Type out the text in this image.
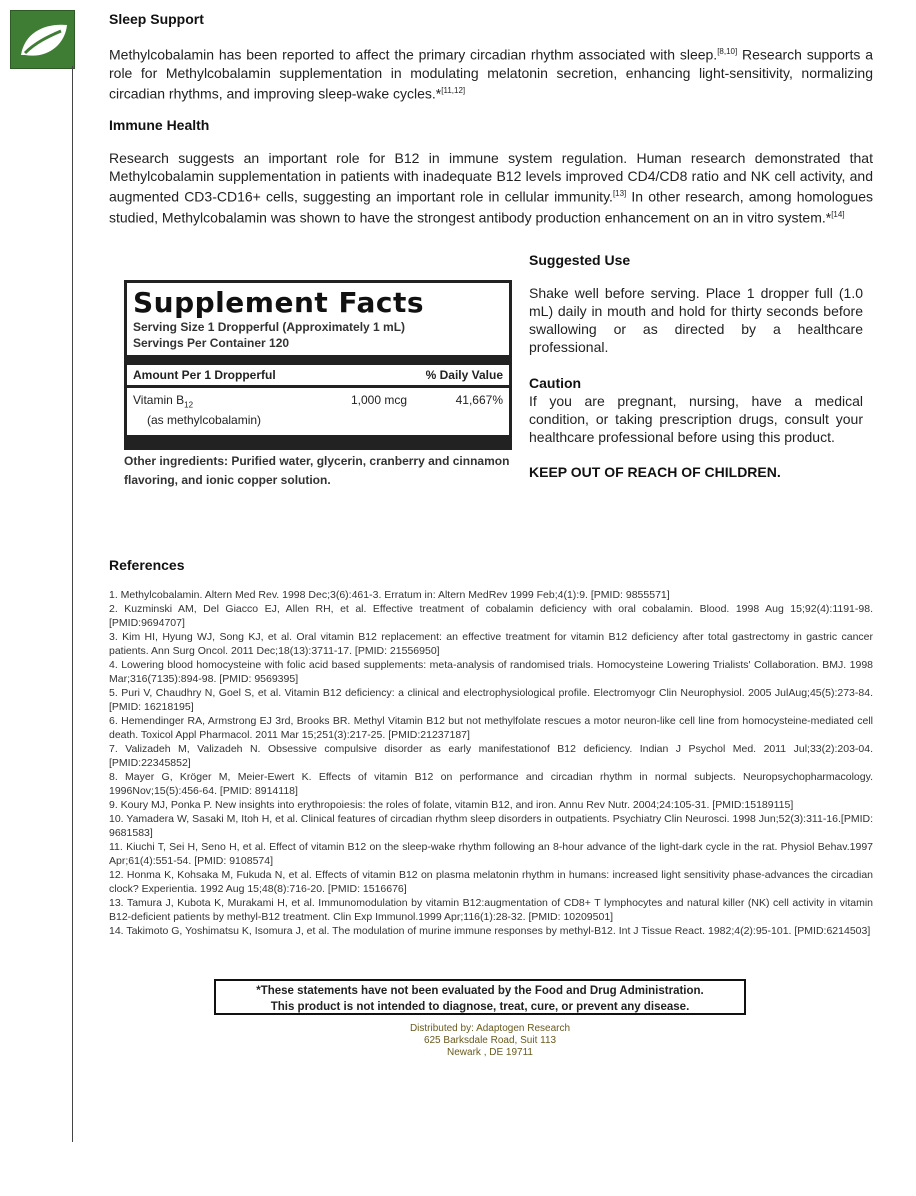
Sleep Support

Methylcobalamin has been reported to affect the primary circadian rhythm associated with sleep.[8,10] Research supports a role for Methylcobalamin supplementation in modulating melatonin secretion, enhancing light-sensitivity, normalizing circadian rhythms, and improving sleep-wake cycles.*[11,12]

Immune Health

Research suggests an important role for B12 in immune system regulation. Human research demonstrated that Methylcobalamin supplementation in patients with inadequate B12 levels improved CD4/CD8 ratio and NK cell activity, and augmented CD3-CD16+ cells, suggesting an important role in cellular immunity.[13] In other research, among homologues studied, Methylcobalamin was shown to have the strongest antibody production enhancement on an in vitro system.*[14]

Supplement Facts
Serving Size 1 Dropperful (Approximately 1 mL)
Servings Per Container 120
Amount Per 1 Dropperful	% Daily Value
Vitamin $B_{12}$	1,000 mcg	41,667%
(as methylcobalamin)
Other ingredients: Purified water, glycerin, cranberry and cinnamon flavoring, and ionic copper solution.
Suggested Use

Shake well before serving. Place 1 dropper full (1.0 mL) daily in mouth and hold for thirty seconds before swallowing or as directed by a healthcare professional.

Caution

If you are pregnant, nursing, have a medical condition, or taking prescription drugs, consult your healthcare professional before using this product.

KEEP OUT OF REACH OF CHILDREN.
References
1. Methylcobalamin. Altern Med Rev. 1998 Dec;3(6):461-3. Erratum in: Altern MedRev 1999 Feb;4(1):9. [PMID: 9855571]
2. Kuzminski AM, Del Giacco EJ, Allen RH, et al. Effective treatment of cobalamin deficiency with oral cobalamin. Blood. 1998 Aug 15;92(4):1191-98. [PMID:9694707]
3. Kim HI, Hyung WJ, Song KJ, et al. Oral vitamin B12 replacement: an effective treatment for vitamin B12 deficiency after total gastrectomy in gastric cancer patients. Ann Surg Oncol. 2011 Dec;18(13):3711-17. [PMID: 21556950]
4. Lowering blood homocysteine with folic acid based supplements: meta-analysis of randomised trials. Homocysteine Lowering Trialists' Collaboration. BMJ. 1998 Mar;316(7135):894-98. [PMID: 9569395]
5. Puri V, Chaudhry N, Goel S, et al. Vitamin B12 deficiency: a clinical and electrophysiological profile. Electromyogr Clin Neurophysiol. 2005 JulAug;45(5):273-84. [PMID: 16218195]
6. Hemendinger RA, Armstrong EJ 3rd, Brooks BR. Methyl Vitamin B12 but not methylfolate rescues a motor neuron-like cell line from homocysteine-mediated cell death. Toxicol Appl Pharmacol. 2011 Mar 15;251(3):217-25. [PMID:21237187]
7. Valizadeh M, Valizadeh N. Obsessive compulsive disorder as early manifestationof B12 deficiency. Indian J Psychol Med. 2011 Jul;33(2):203-04. [PMID:22345852]
8. Mayer G, Kröger M, Meier-Ewert K. Effects of vitamin B12 on performance and circadian rhythm in normal subjects. Neuropsychopharmacology. 1996Nov;15(5):456-64. [PMID: 8914118]
9. Koury MJ, Ponka P. New insights into erythropoiesis: the roles of folate, vitamin B12, and iron. Annu Rev Nutr. 2004;24:105-31. [PMID:15189115]
10. Yamadera W, Sasaki M, Itoh H, et al. Clinical features of circadian rhythm sleep disorders in outpatients. Psychiatry Clin Neurosci. 1998 Jun;52(3):311-16.[PMID: 9681583]
11. Kiuchi T, Sei H, Seno H, et al. Effect of vitamin B12 on the sleep-wake rhythm following an 8-hour advance of the light-dark cycle in the rat. Physiol Behav.1997 Apr;61(4):551-54. [PMID: 9108574]
12. Honma K, Kohsaka M, Fukuda N, et al. Effects of vitamin B12 on plasma melatonin rhythm in humans: increased light sensitivity phase-advances the circadian clock? Experientia. 1992 Aug 15;48(8):716-20. [PMID: 1516676]
13. Tamura J, Kubota K, Murakami H, et al. Immunomodulation by vitamin B12:augmentation of CD8+ T lymphocytes and natural killer (NK) cell activity in vitamin B12-deficient patients by methyl-B12 treatment. Clin Exp Immunol.1999 Apr;116(1):28-32. [PMID: 10209501]
14. Takimoto G, Yoshimatsu K, Isomura J, et al. The modulation of murine immune responses by methyl-B12. Int J Tissue React. 1982;4(2):95-101. [PMID:6214503]
*These statements have not been evaluated by the Food and Drug Administration.
This product is not intended to diagnose, treat, cure, or prevent any disease.
Distributed by: Adaptogen Research
625 Barksdale Road, Suit 113
Newark , DE 19711
